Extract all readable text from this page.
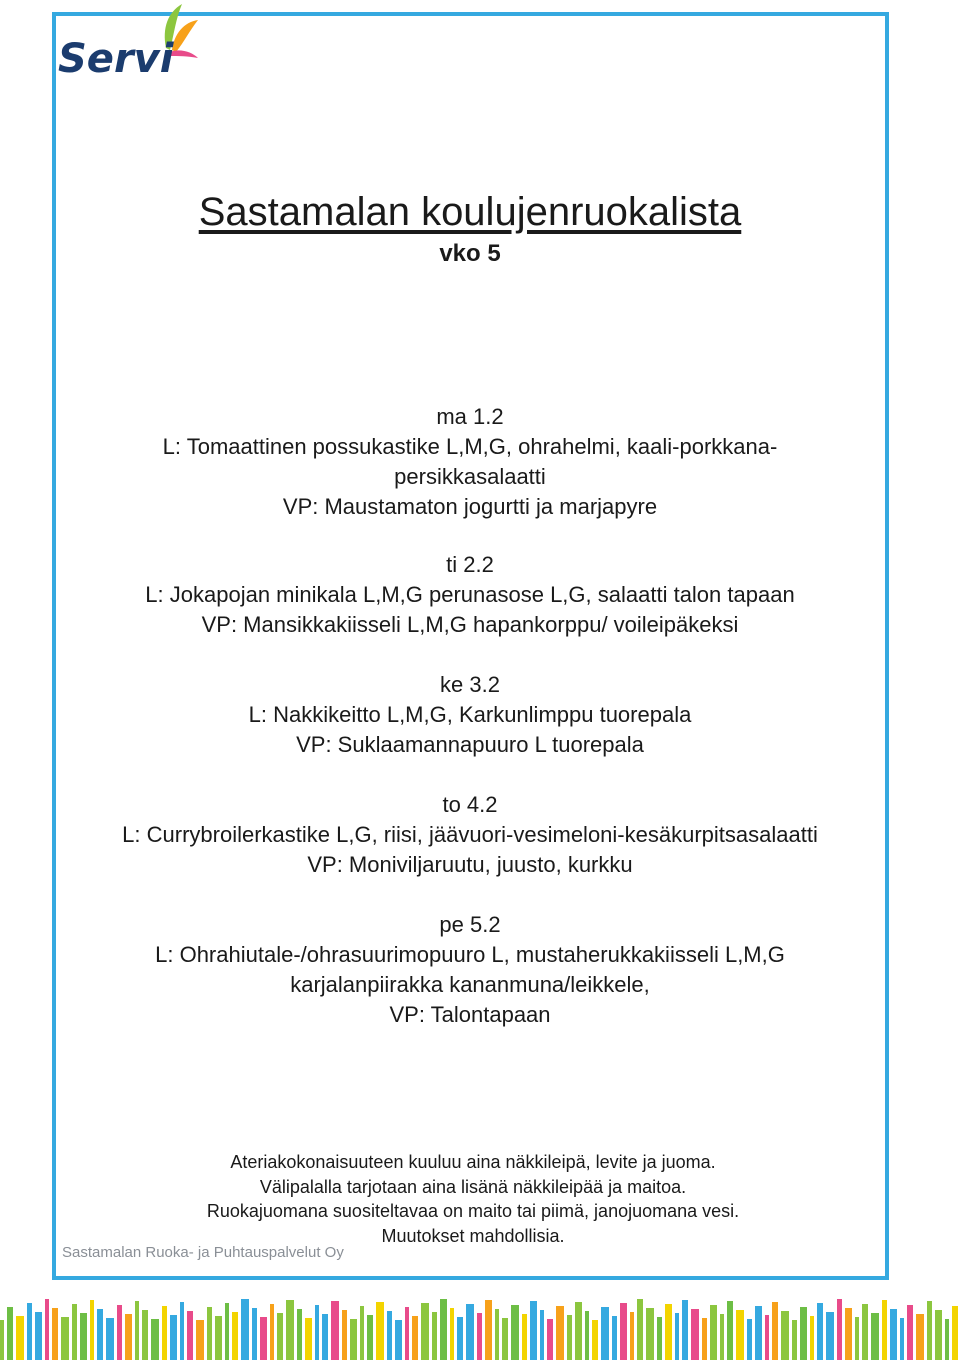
Servi
Sastamalan koulujenruokalista
vko 5
ma 1.2
L: Tomaattinen possukastike L,M,G, ohrahelmi, kaali-porkkana-
persikkasalaatti
VP: Maustamaton jogurtti ja marjapyre
ti 2.2
L: Jokapojan minikala L,M,G perunasose L,G, salaatti talon tapaan
VP: Mansikkakiisseli L,M,G hapankorppu/ voileipäkeksi
ke 3.2
L: Nakkikeitto L,M,G, Karkunlimppu tuorepala
VP: Suklaamannapuuro L tuorepala
to 4.2
L: Currybroilerkastike L,G, riisi, jäävuori-vesimeloni-kesäkurpitsasalaatti
VP: Moniviljaruutu, juusto, kurkku
pe 5.2
L: Ohrahiutale-/ohrasuurimopuuro L, mustaherukkakiisseli L,M,G
karjalanpiirakka kananmuna/leikkele,
VP: Talontapaan
Ateriakokonaisuuteen kuuluu aina näkkileipä, levite ja juoma.
Välipalalla tarjotaan aina lisänä näkkileipää ja maitoa.
Ruokajuomana suositeltavaa on maito tai piimä, janojuomana vesi.
Muutokset mahdollisia.
Sastamalan Ruoka- ja Puhtauspalvelut Oy
